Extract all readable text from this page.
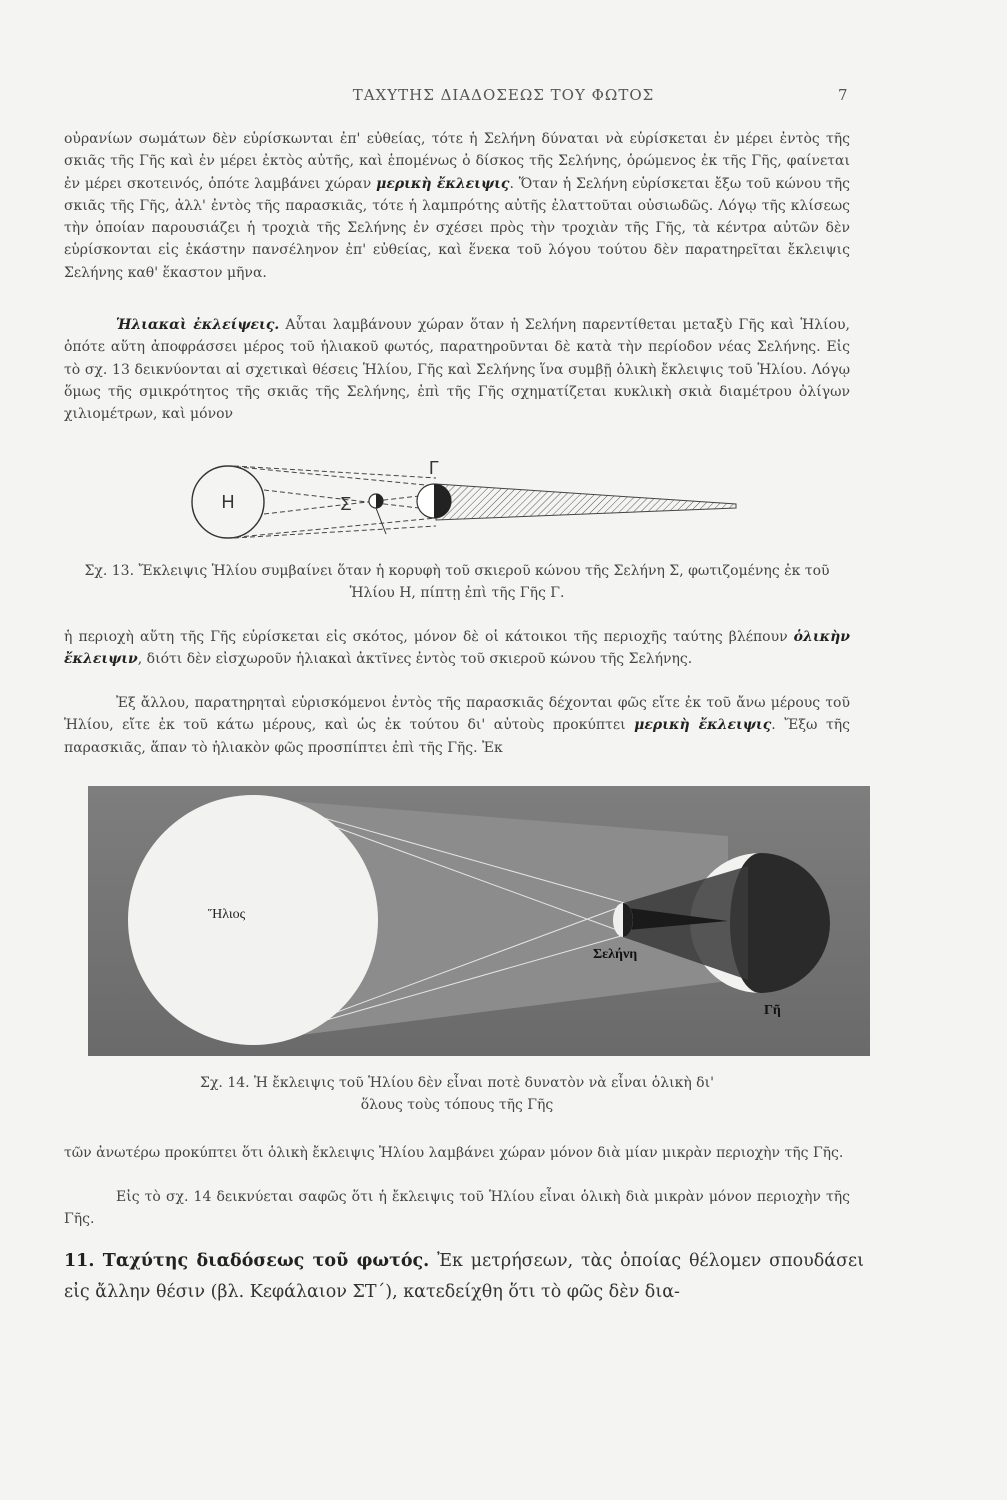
ΤΑΧΥΤΗΣ ΔΙΑΔΟΣΕΩΣ ΤΟΥ ΦΩΤΟΣ	7
οὐρανίων σωμάτων δὲν εὑρίσκωνται ἐπ' εὐθείας, τότε ἡ Σελήνη δύναται νὰ εὑρίσκεται ἐν μέρει ἐντὸς τῆς σκιᾶς τῆς Γῆς καὶ ἐν μέρει ἐκτὸς αὐτῆς, καὶ ἑπομένως ὁ δίσκος τῆς Σελήνης, ὁρώμενος ἐκ τῆς Γῆς, φαίνεται ἐν μέρει σκοτεινός, ὁπότε λαμβάνει χώραν μερικὴ ἔκλειψις. Ὅταν ἡ Σελήνη εὑρίσκεται ἔξω τοῦ κώνου τῆς σκιᾶς τῆς Γῆς, ἀλλ' ἐντὸς τῆς παρασκιᾶς, τότε ἡ λαμπρότης αὐτῆς ἐλαττοῦται οὐσιωδῶς. Λόγῳ τῆς κλίσεως τὴν ὁποίαν παρουσιάζει ἡ τροχιὰ τῆς Σελήνης ἐν σχέσει πρὸς τὴν τροχιὰν τῆς Γῆς, τὰ κέντρα αὐτῶν δὲν εὑρίσκονται εἰς ἑκάστην πανσέληνον ἐπ' εὐθείας, καὶ ἕνεκα τοῦ λόγου τούτου δὲν παρατηρεῖται ἔκλειψις Σελήνης καθ' ἕκαστον μῆνα.
Ἡλιακαὶ ἐκλείψεις. Αὗται λαμβάνουν χώραν ὅταν ἡ Σελήνη παρεντίθεται μεταξὺ Γῆς καὶ Ἡλίου, ὁπότε αὕτη ἀποφράσσει μέρος τοῦ ἡλιακοῦ φωτός, παρατηροῦνται δὲ κατὰ τὴν περίοδον νέας Σελήνης. Εἰς τὸ σχ. 13 δεικνύονται αἱ σχετικαὶ θέσεις Ἡλίου, Γῆς καὶ Σελήνης ἵνα συμβῇ ὁλικὴ ἔκλειψις τοῦ Ἡλίου. Λόγῳ ὅμως τῆς σμικρότητος τῆς σκιᾶς τῆς Σελήνης, ἐπὶ τῆς Γῆς σχηματίζεται κυκλικὴ σκιὰ διαμέτρου ὀλίγων χιλιομέτρων, καὶ μόνον
Η	Σ
Γ
Σχ. 13. Ἔκλειψις Ἡλίου συμβαίνει ὅταν ἡ κορυφὴ τοῦ σκιεροῦ κώνου τῆς Σελήνη Σ, φωτιζομένης ἐκ τοῦ Ἡλίου Η, πίπτῃ ἐπὶ τῆς Γῆς Γ.
ἡ περιοχὴ αὕτη τῆς Γῆς εὑρίσκεται εἰς σκότος, μόνον δὲ οἱ κάτοικοι τῆς περιοχῆς ταύτης βλέπουν ὁλικὴν ἔκλειψιν, διότι δὲν εἰσχωροῦν ἡλιακαὶ ἀκτῖνες ἐντὸς τοῦ σκιεροῦ κώνου τῆς Σελήνης.
Ἐξ ἄλλου, παρατηρηταὶ εὑρισκόμενοι ἐντὸς τῆς παρασκιᾶς δέχονται φῶς εἴτε ἐκ τοῦ ἄνω μέρους τοῦ Ἡλίου, εἴτε ἐκ τοῦ κάτω μέρους, καὶ ὡς ἐκ τούτου δι' αὐτοὺς προκύπτει μερικὴ ἔκλειψις. Ἔξω τῆς παρασκιᾶς, ἅπαν τὸ ἡλιακὸν φῶς προσπίπτει ἐπὶ τῆς Γῆς. Ἐκ
Ἥλιος
Σελήνη
Γῆ
Σχ. 14. Ἡ ἔκλειψις τοῦ Ἡλίου δὲν εἶναι ποτὲ δυνατὸν νὰ εἶναι ὁλικὴ δι' ὅλους τοὺς τόπους τῆς Γῆς
τῶν ἀνωτέρω προκύπτει ὅτι ὁλικὴ ἔκλειψις Ἡλίου λαμβάνει χώραν μόνον διὰ μίαν μικρὰν περιοχὴν τῆς Γῆς.
Εἰς τὸ σχ. 14 δεικνύεται σαφῶς ὅτι ἡ ἔκλειψις τοῦ Ἡλίου εἶναι ὁλικὴ διὰ μικρὰν μόνον περιοχὴν τῆς Γῆς.
11. Ταχύτης διαδόσεως τοῦ φωτός. Ἐκ μετρήσεων, τὰς ὁποίας θέλομεν σπουδάσει εἰς ἄλλην θέσιν (βλ. Κεφάλαιον ΣΤ΄), κατεδείχθη ὅτι τὸ φῶς δὲν δια-
